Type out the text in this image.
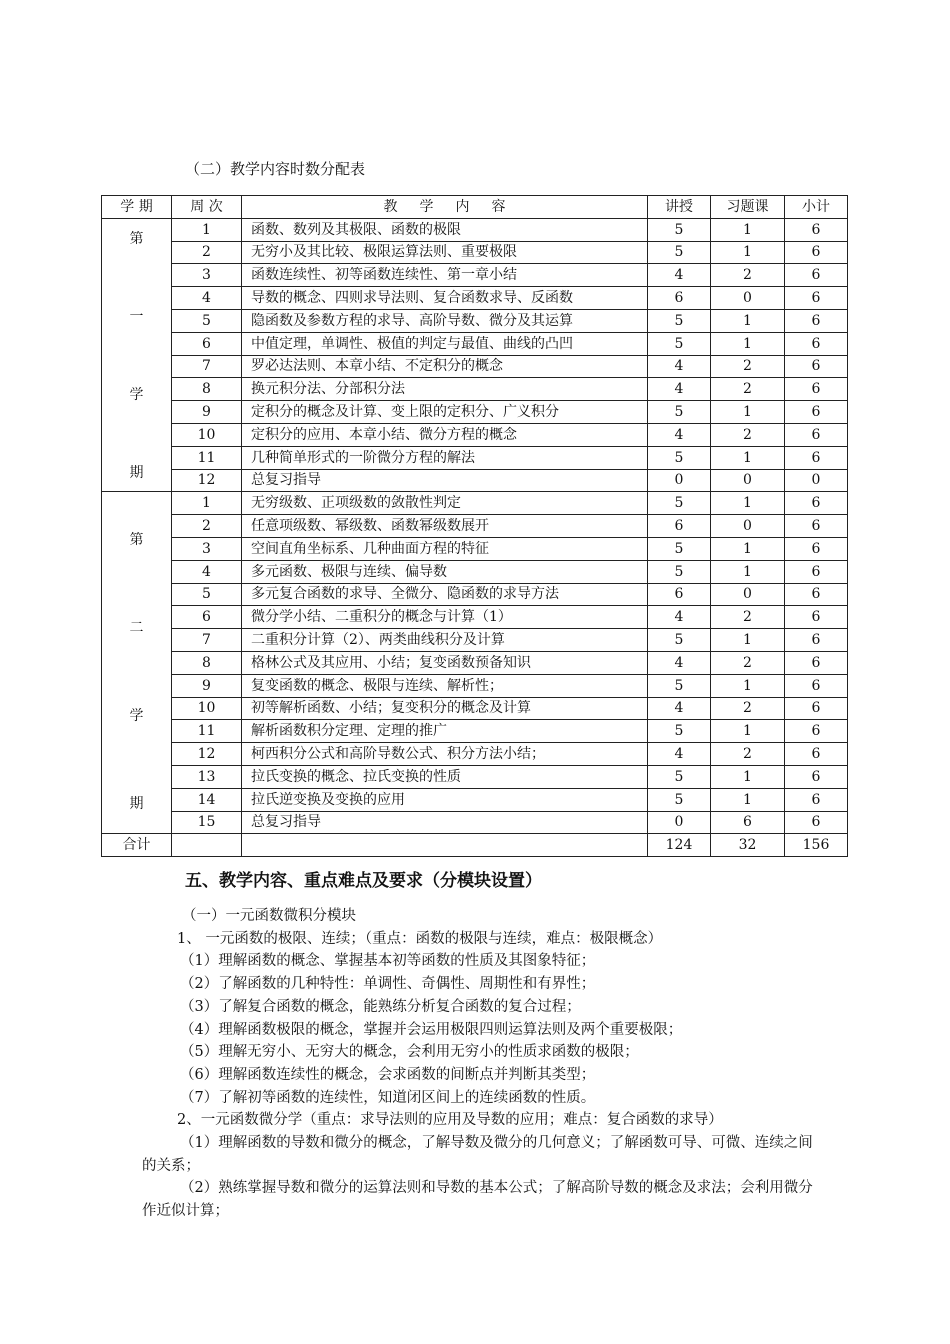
（二）教学内容时数分配表
学 期	周 次	教学内容	讲授	习题课	小计

第
一
学
期	1	函数、数列及其极限、函数的极限	5	1	6
	2	无穷小及其比较、极限运算法则、重要极限	5	1	6
	3	函数连续性、初等函数连续性、第一章小结	4	2	6
	4	导数的概念、四则求导法则、复合函数求导、反函数	6	0	6
	5	隐函数及参数方程的求导、高阶导数、微分及其运算	5	1	6
	6	中值定理，单调性、极值的判定与最值、曲线的凸凹	5	1	6
	7	罗必达法则、本章小结、不定积分的概念	4	2	6
	8	换元积分法、分部积分法	4	2	6
	9	定积分的概念及计算、变上限的定积分、广义积分	5	1	6
	10	定积分的应用、本章小结、微分方程的概念	4	2	6
	11	几种简单形式的一阶微分方程的解法	5	1	6
	12	总复习指导	0	0	0

第
二
学
期	1	无穷级数、正项级数的敛散性判定	5	1	6
	2	任意项级数、幂级数、函数幂级数展开	6	0	6
	3	空间直角坐标系、几种曲面方程的特征	5	1	6
	4	多元函数、极限与连续、偏导数	5	1	6
	5	多元复合函数的求导、全微分、隐函数的求导方法	6	0	6
	6	微分学小结、二重积分的概念与计算（1）	4	2	6
	7	二重积分计算（2）、两类曲线积分及计算	5	1	6
	8	格林公式及其应用、小结；复变函数预备知识	4	2	6
	9	复变函数的概念、极限与连续、解析性；	5	1	6
	10	初等解析函数、小结；复变积分的概念及计算	4	2	6
	11	解析函数积分定理、定理的推广	5	1	6
	12	柯西积分公式和高阶导数公式、积分方法小结；	4	2	6
	13	拉氏变换的概念、拉氏变换的性质	5	1	6
	14	拉氏逆变换及变换的应用	5	1	6
	15	总复习指导	0	6	6
合计			124	32	156
五、教学内容、重点难点及要求（分模块设置）

（一）一元函数微积分模块

1、 一元函数的极限、连续；（重点：函数的极限与连续，难点：极限概念）

（1）理解函数的概念、掌握基本初等函数的性质及其图象特征；

（2）了解函数的几种特性：单调性、奇偶性、周期性和有界性；

（3）了解复合函数的概念，能熟练分析复合函数的复合过程；

（4）理解函数极限的概念，掌握并会运用极限四则运算法则及两个重要极限；

（5）理解无穷小、无穷大的概念，会利用无穷小的性质求函数的极限；

（6）理解函数连续性的概念，会求函数的间断点并判断其类型；

（7）了解初等函数的连续性，知道闭区间上的连续函数的性质。

2、一元函数微分学（重点：求导法则的应用及导数的应用；难点：复合函数的求导）

（1）理解函数的导数和微分的概念，了解导数及微分的几何意义；了解函数可导、可微、连续之间的关系；

（2）熟练掌握导数和微分的运算法则和导数的基本公式；了解高阶导数的概念及求法；会利用微分作近似计算；
